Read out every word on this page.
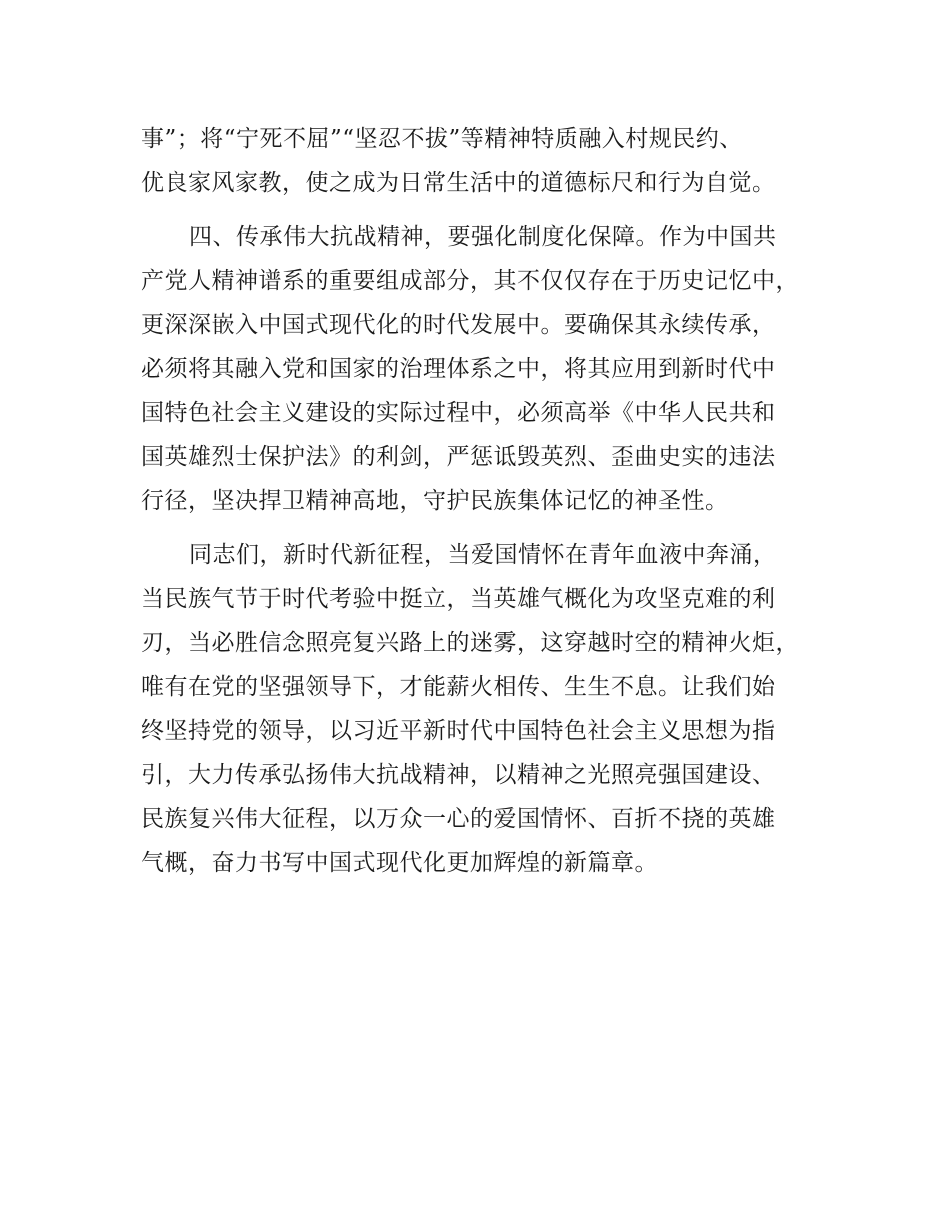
事”；将“宁死不屈”“坚忍不拔”等精神特质融入村规民约、
优良家风家教，使之成为日常生活中的道德标尺和行为自觉。
四、传承伟大抗战精神，要强化制度化保障。作为中国共
产党人精神谱系的重要组成部分，其不仅仅存在于历史记忆中，
更深深嵌入中国式现代化的时代发展中。要确保其永续传承，
必须将其融入党和国家的治理体系之中，将其应用到新时代中
国特色社会主义建设的实际过程中，必须高举《中华人民共和
国英雄烈士保护法》的利剑，严惩诋毁英烈、歪曲史实的违法
行径，坚决捍卫精神高地，守护民族集体记忆的神圣性。
同志们，新时代新征程，当爱国情怀在青年血液中奔涌，
当民族气节于时代考验中挺立，当英雄气概化为攻坚克难的利
刃，当必胜信念照亮复兴路上的迷雾，这穿越时空的精神火炬，
唯有在党的坚强领导下，才能薪火相传、生生不息。让我们始
终坚持党的领导，以习近平新时代中国特色社会主义思想为指
引，大力传承弘扬伟大抗战精神，以精神之光照亮强国建设、
民族复兴伟大征程，以万众一心的爱国情怀、百折不挠的英雄
气概，奋力书写中国式现代化更加辉煌的新篇章。
